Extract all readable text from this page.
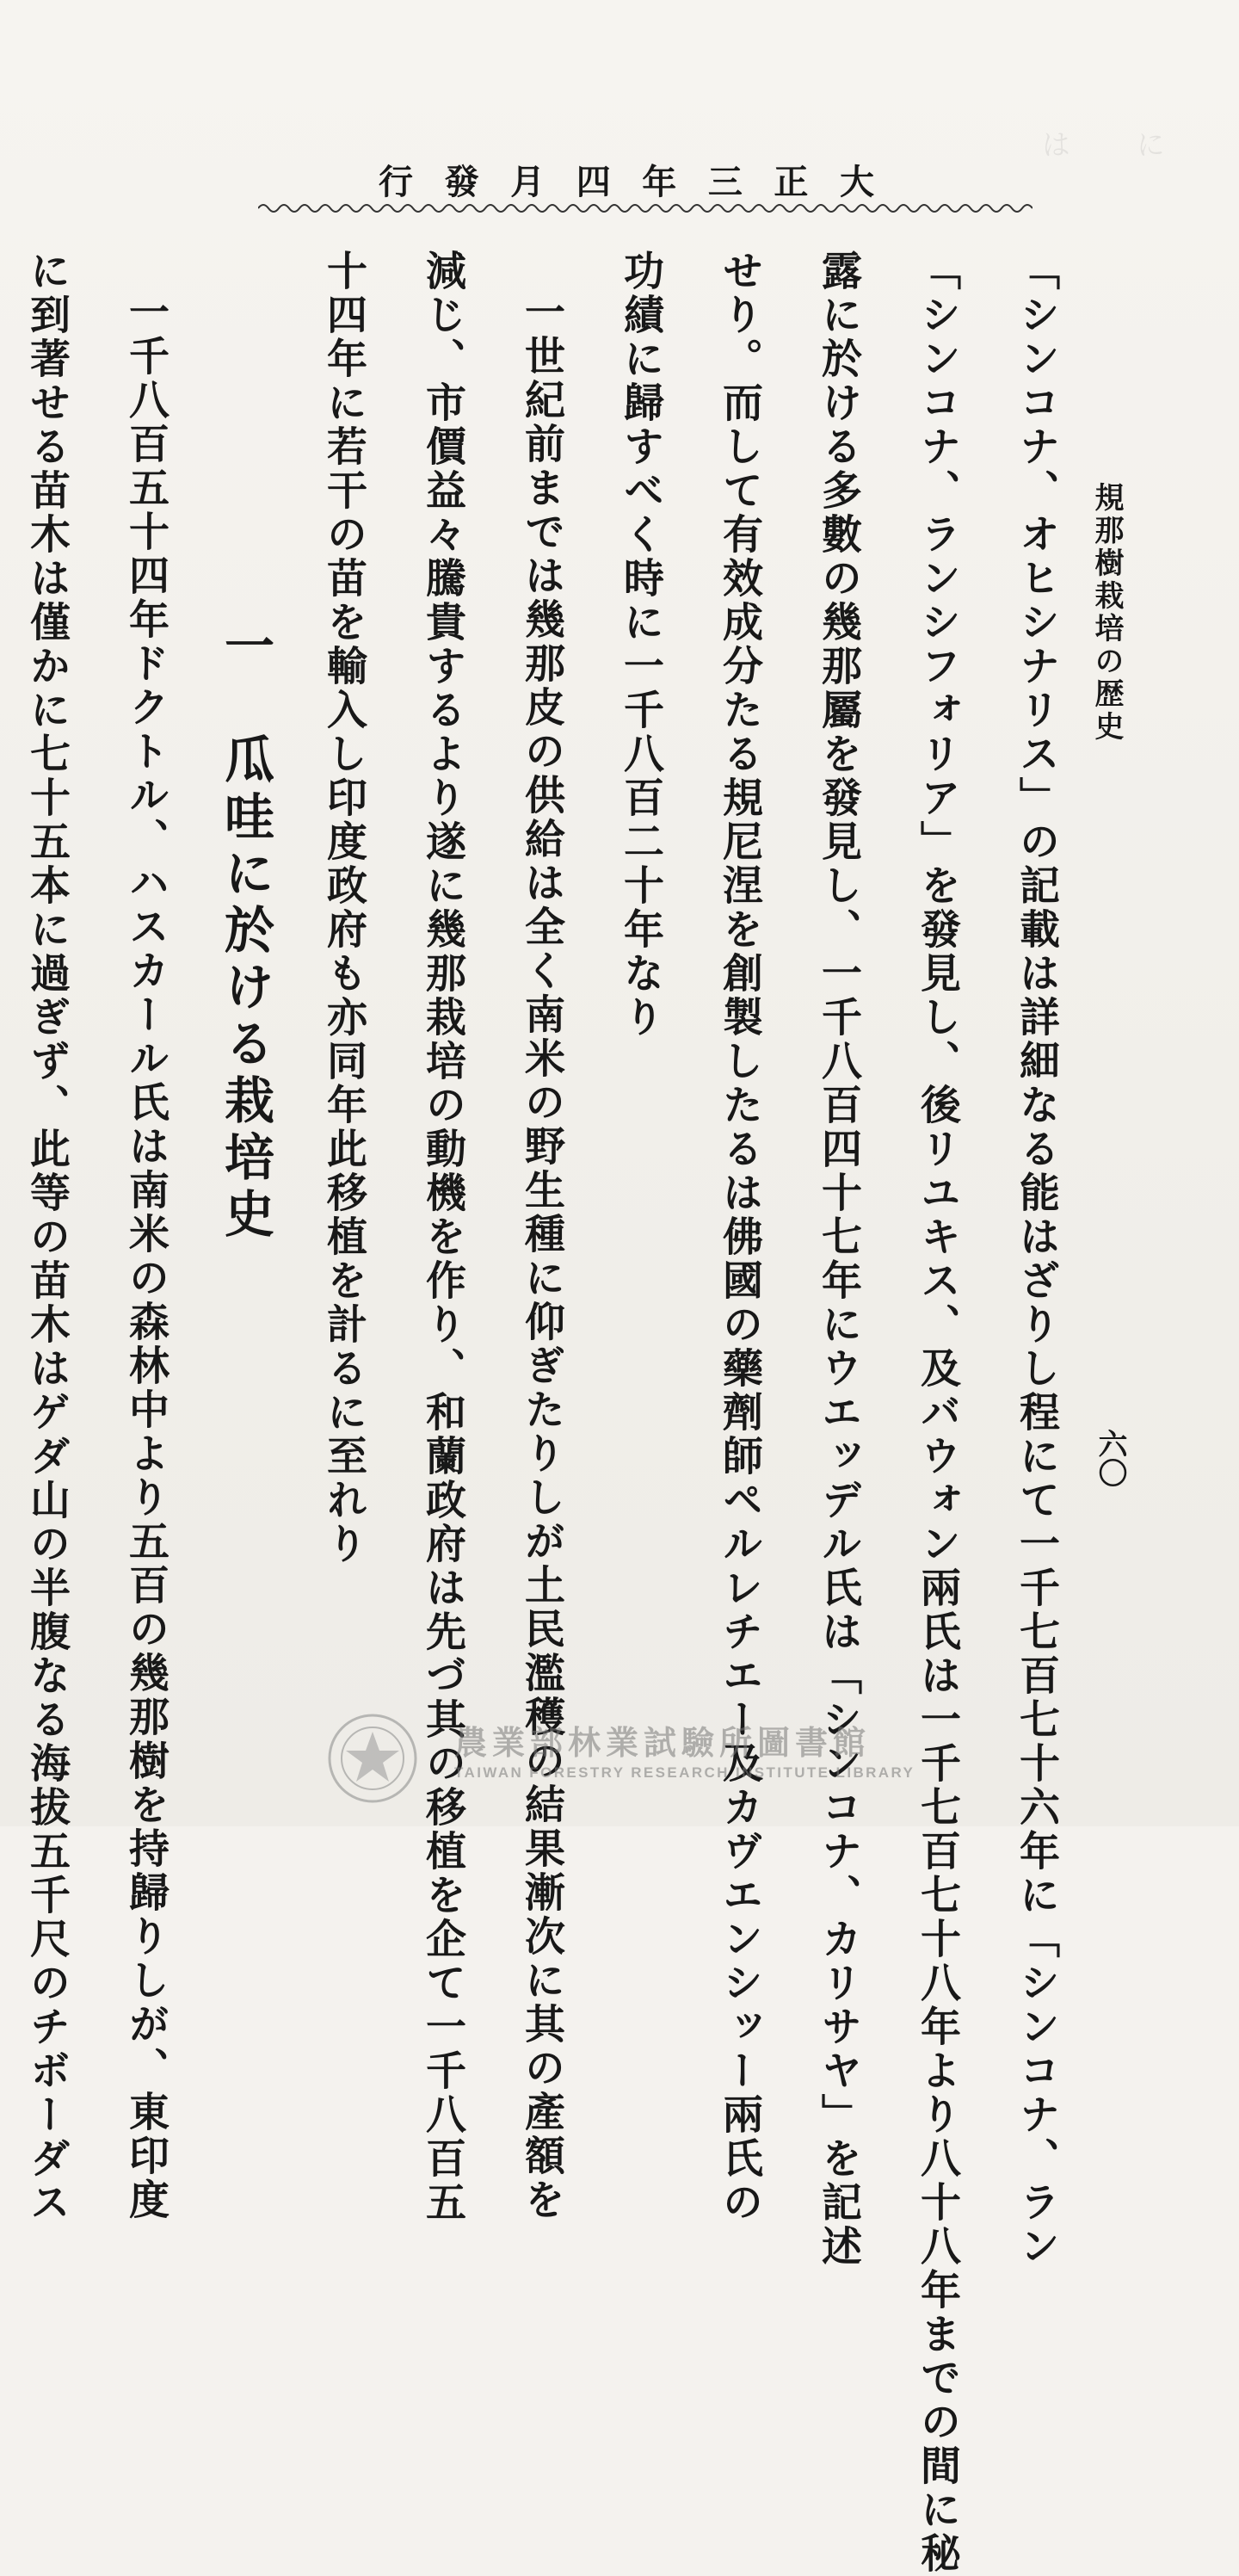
は に
行 發 月 四 年 三 正 大
規那樹栽培の歴史
六〇
「シンコナ、オヒシナリス」の記載は詳細なる能はざりし程にて一千七百七十六年に「シンコナ、ラン
「シンコナ、ランシフォリア」を發見し、後リユキス、及バウォン兩氏は一千七百七十八年より八十八年までの間に秘
露に於ける多數の幾那屬を發見し、一千八百四十七年にウエッデル氏は「シンコナ、カリサヤ」を記述
せり。而して有效成分たる規尼涅を創製したるは佛國の藥劑師ペルレチエー及カヴエンシッー兩氏の
功績に歸すべく時に一千八百二十年なり
一世紀前までは幾那皮の供給は全く南米の野生種に仰ぎたりしが土民濫穫の結果漸次に其の產額を
減じ、市價益々騰貴するより遂に幾那栽培の動機を作り、和蘭政府は先づ其の移植を企て一千八百五
十四年に若干の苗を輸入し印度政府も亦同年此移植を計るに至れり
一　瓜哇に於ける栽培史
一千八百五十四年ドクトル、ハスカール氏は南米の森林中より五百の幾那樹を持歸りしが、東印度
に到著せる苗木は僅かに七十五本に過ぎず、此等の苗木はゲダ山の半腹なる海拔五千尺のチボーダス	農業部林業試驗所圖書館
TAIWAN FORESTRY RESEARCH INSTITUTE LIBRARY
